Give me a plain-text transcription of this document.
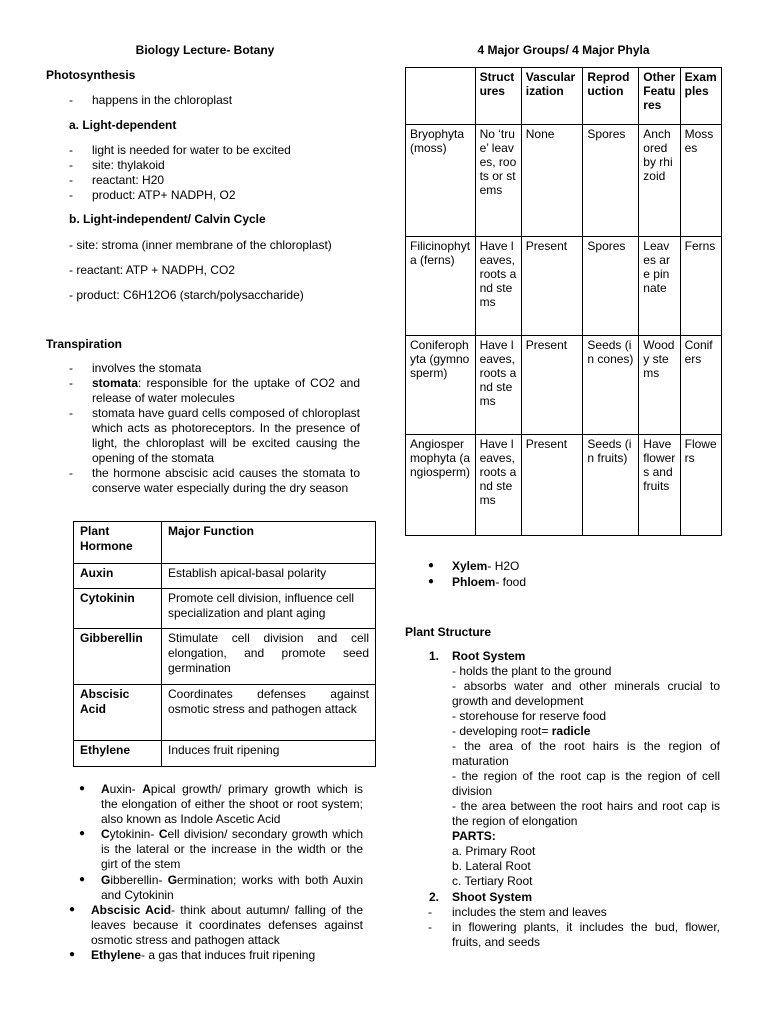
Biology Lecture- Botany
Photosynthesis
- happens in the chloroplast
a. Light-dependent
- light is needed for water to be excited
- site: thylakoid
- reactant: H20
- product: ATP+ NADPH, O2
b. Light-independent/ Calvin Cycle
- site: stroma (inner membrane of the chloroplast)
- reactant: ATP + NADPH, CO2
- product: C6H12O6 (starch/polysaccharide)
Transpiration
- involves the stomata
- stomata: responsible for the uptake of CO2 and release of water molecules
- stomata have guard cells composed of chloroplast which acts as photoreceptors. In the presence of light, the chloroplast will be excited causing the opening of the stomata
- the hormone abscisic acid causes the stomata to conserve water especially during the dry season
Plant Hormone	Major Function
Auxin	Establish apical-basal polarity
Cytokinin	Promote cell division, influence cell specialization and plant aging
Gibberellin	Stimulate cell division and cell elongation, and promote seed germination
Abscisic Acid	Coordinates defenses against osmotic stress and pathogen attack
Ethylene	Induces fruit ripening
● Auxin- Apical growth/ primary growth which is the elongation of either the shoot or root system; also known as Indole Ascetic Acid
● Cytokinin- Cell division/ secondary growth which is the lateral or the increase in the width or the girt of the stem
● Gibberellin- Germination; works with both Auxin and Cytokinin
● Abscisic Acid- think about autumn/ falling of the leaves because it coordinates defenses against osmotic stress and pathogen attack
● Ethylene- a gas that induces fruit ripening
4 Major Groups/ 4 Major Phyla
	Structures	Vascularization	Reproduction	Other Features	Examples
Bryophyta (moss)	No ‘true’ leaves, roots or stems	None	Spores	Anchored by rhizoid	Mosses
Filicinophyta (ferns)	Have leaves, roots and stems	Present	Spores	Leaves are pinnate	Ferns
Coniferophyta (gymnosperm)	Have leaves, roots and stems	Present	Seeds (in cones)	Woody stems	Conifers
Angiospermophyta (angiosperm)	Have leaves, roots and stems	Present	Seeds (in fruits)	Have flowers and fruits	Flowers
● Xylem- H2O
● Phloem- food
Plant Structure
1. Root System
- holds the plant to the ground
- absorbs water and other minerals crucial to growth and development
- storehouse for reserve food
- developing root= radicle
- the area of the root hairs is the region of maturation
- the region of the root cap is the region of cell division
- the area between the root hairs and root cap is the region of elongation
PARTS:
a. Primary Root
b. Lateral Root
c. Tertiary Root
2. Shoot System
- includes the stem and leaves
- in flowering plants, it includes the bud, flower, fruits, and seeds
